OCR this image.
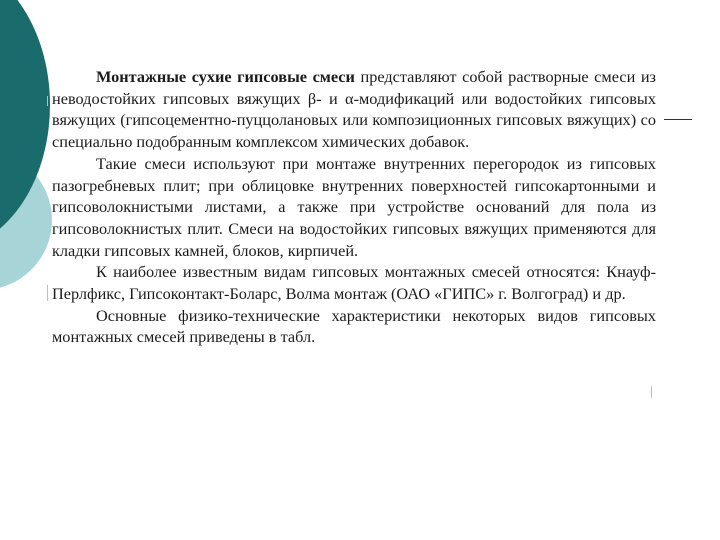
Монтажные сухие гипсовые смеси представляют собой растворные смеси из неводостойких гипсовых вяжущих β- и α-модификаций или водостойких гипсовых вяжущих (гипсоцементно-пуццолановых или композиционных гипсовых вяжущих) со специально подобранным комплексом химических добавок.

Такие смеси используют при монтаже внутренних перегородок из гипсовых пазогребневых плит; при облицовке внутренних поверхностей гипсокартонными и гипсоволокнистыми листами, а также при устройстве оснований для пола из гипсоволокнистых плит. Смеси на водостойких гипсовых вяжущих применяются для кладки гипсовых камней, блоков, кирпичей.

К наиболее известным видам гипсовых монтажных смесей относятся: Кнауф-Перлфикс, Гипсоконтакт-Боларс, Волма монтаж (ОАО «ГИПС» г. Волгоград) и др.

Основные физико-технические характеристики некоторых видов гипсовых монтажных смесей приведены в табл.
